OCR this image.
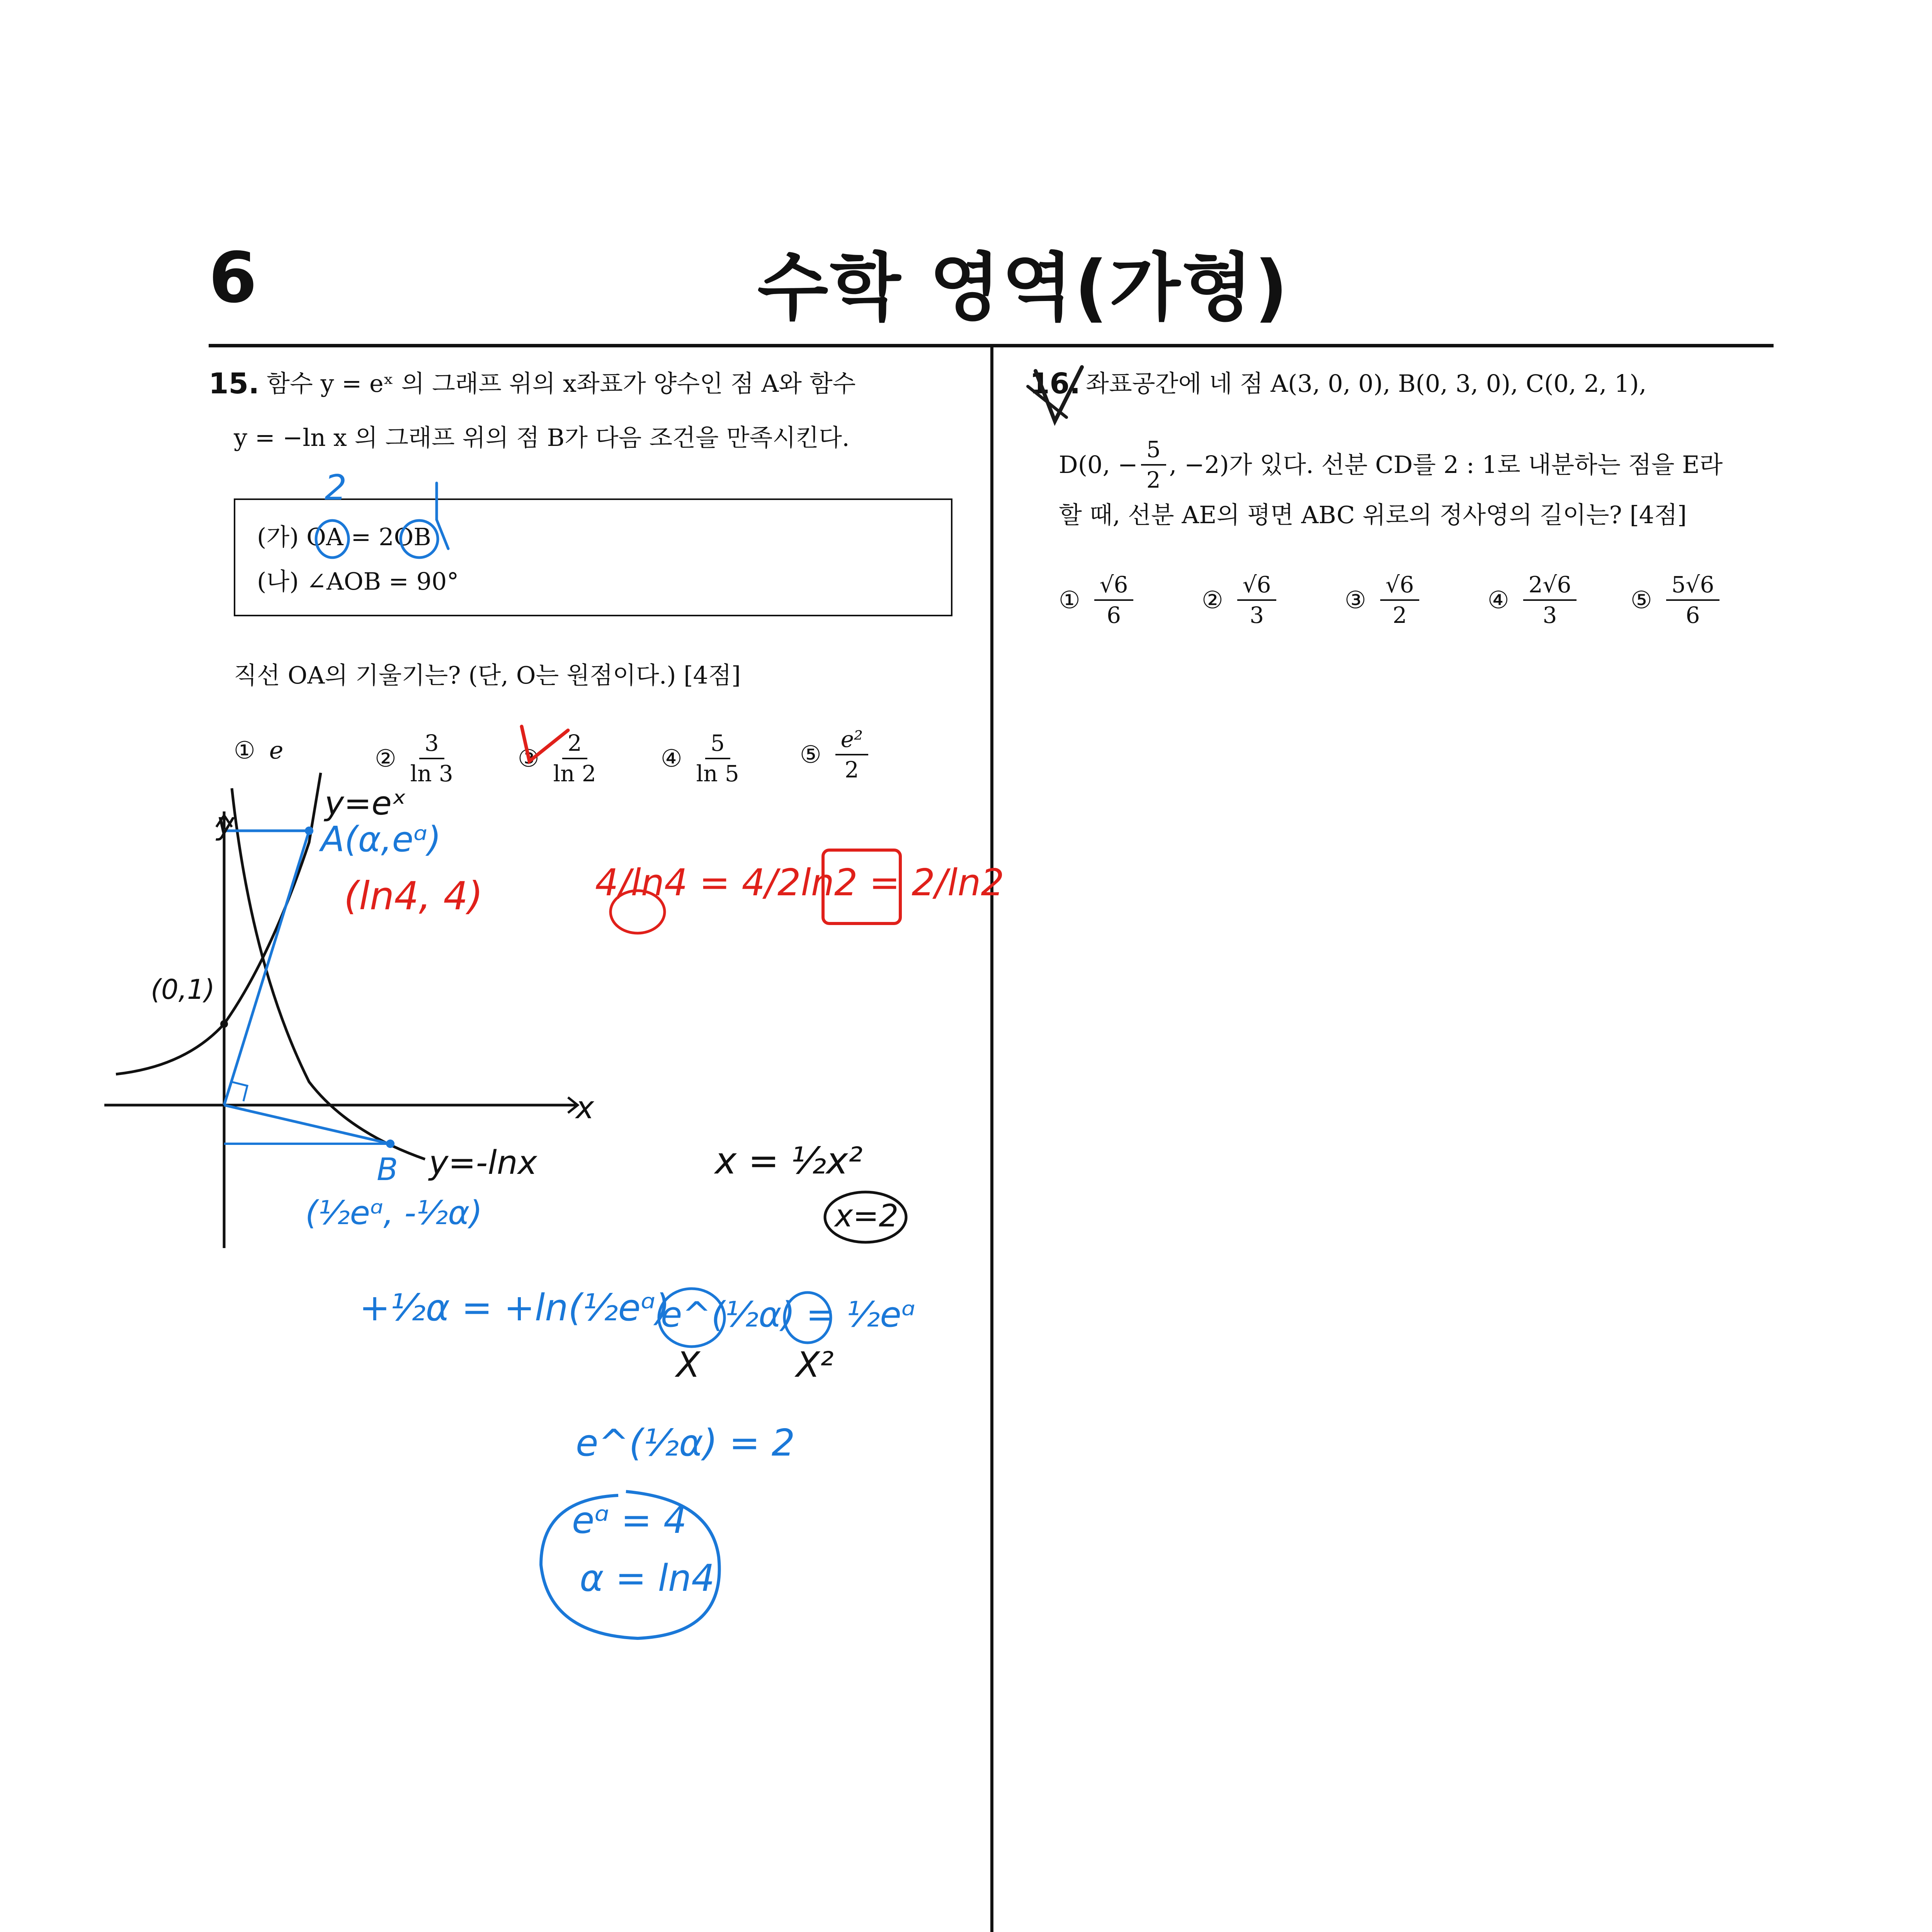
6	수학 영역(가형)
15. 함수 y = eˣ 의 그래프 위의 x좌표가 양수인 점 A와 함수
y = −ln x 의 그래프 위의 점 B가 다음 조건을 만족시킨다.
(가) OA = 2OB
(나) ∠AOB = 90°
직선 OA의 기울기는? (단, O는 원점이다.) [4점]
① e	② $\frac{3}{\ln 3}$	③ $\frac{2}{\ln 2}$	④ $\frac{5}{\ln 5}$	⑤ $\frac{\text{e²}}{2}$
16. 좌표공간에 네 점 A(3, 0, 0), B(0, 3, 0), C(0, 2, 1),
D(0, − $\frac{5}{2}$ , −2)가 있다. 선분 CD를 2 : 1로 내분하는 점을 E라
할 때, 선분 AE의 평면 ABC 위로의 정사영의 길이는? [4점]
① $\frac{√6}{6}$	② $\frac{√6}{3}$	③ $\frac{√6}{2}$	④ $\frac{2√6}{3}$ ⑤ $\frac{5√6}{6}$
2
y
x
y=eˣ
y=-lnx
(0,1)
A(α,eᵅ)
(ln4, 4)
B
(½eᵅ, -½α)
4/ln4 = 4/2ln2 = 2/ln2
x = ½x²
x=2
+½α = +ln(½eᵅ)
e^(½α) = ½eᵅ
X	X²
e^(½α) = 2
eᵅ = 4
α = ln4
